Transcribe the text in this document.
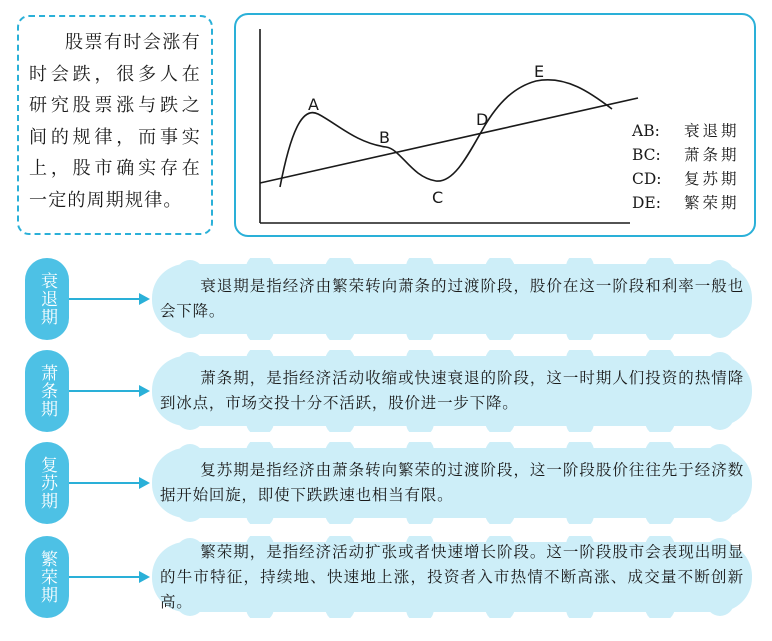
股票有时会涨有时会跌，很多人在研究股票涨与跌之间的规律，而事实上，股市确实存在一定的周期规律。

A
B
C
D
E
AB:	衰退期
BC:	萧条期
CD:	复苏期
DE:	繁荣期
衰退期	衰退期是指经济由繁荣转向萧条的过渡阶段，股价在这一阶段和利率一般也会下降。

萧条期	萧条期，是指经济活动收缩或快速衰退的阶段，这一时期人们投资的热情降到冰点，市场交投十分不活跃，股价进一步下降。

复苏期	复苏期是指经济由萧条转向繁荣的过渡阶段，这一阶段股价往往先于经济数据开始回旋，即使下跌跌速也相当有限。

繁荣期	繁荣期，是指经济活动扩张或者快速增长阶段。这一阶段股市会表现出明显的牛市特征，持续地、快速地上涨，投资者入市热情不断高涨、成交量不断创新高。
